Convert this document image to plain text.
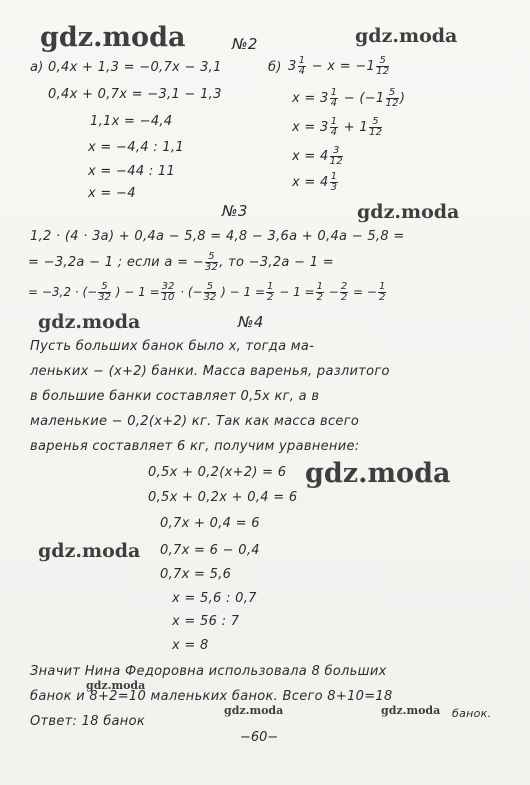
gdz.moda	gdz.moda
gdz.moda
gdz.moda
gdz.moda
gdz.moda
gdz.moda
gdz.moda	gdz.moda
№2
а) 0,4x + 1,3 = −0,7x − 3,1
0,4x + 0,7x = −3,1 − 1,3
1,1x = −4,4
x = −4,4 : 1,1
x = −44 : 11
x = −4
б) $3 \frac{1}{4} - x = -1 \frac{5}{12}$
$x = 3 \frac{1}{4} - (-1 \frac{5}{12}$ )
$x = 3 \frac{1}{4} + 1 \frac{5}{12}$
$x = 4 \frac{3}{12}$
$x = 4 \frac{1}{3}$
№3
1,2 · (4 · 3a) + 0,4a − 5,8 = 4,8 − 3,6a + 0,4a − 5,8 =
= −3,2a − 1 ; если a = − $\frac{5}{32}$ , то −3,2a − 1 =
= −3,2 · (− $\frac{5}{32}$ ) − $1 = \frac{32}{10}$ · (− $\frac{5}{32}$ ) − $1 = \frac{1}{2} - 1 = \frac{1}{2} - \frac{2}{2}$ = − $\frac{1}{2}$
№4
Пусть больших банок было x, тогда ма-
леньких − (x+2) банки. Масса варенья, разлитого
в большие банки составляет 0,5x кг, а в
маленькие − 0,2(x+2) кг. Так как масса всего
варенья составляет 6 кг, получим уравнение:
0,5x + 0,2(x+2) = 6
0,5x + 0,2x + 0,4 = 6
0,7x + 0,4 = 6
0,7x = 6 − 0,4
0,7x = 5,6
x = 5,6 : 0,7
x = 56 : 7
x = 8
Значит Нина Федоровна использовала 8 больших
банок и 8+2=10 маленьких банок. Всего 8+10=18
Ответ: 18 банок
банок.
−60−
